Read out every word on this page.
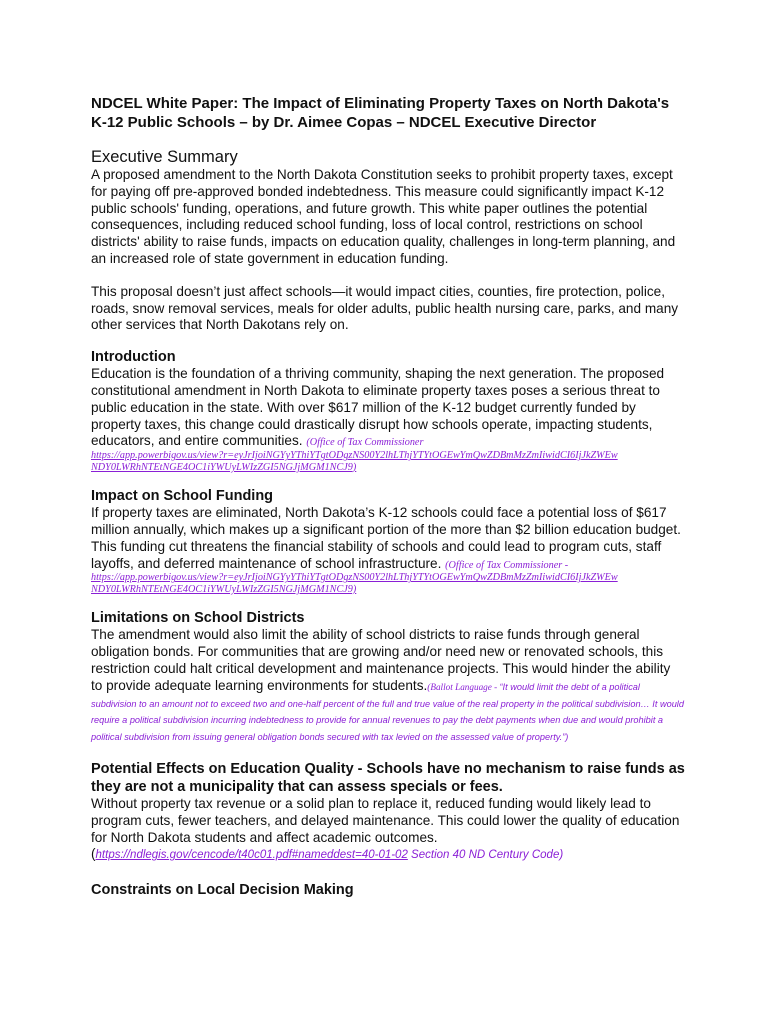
NDCEL White Paper: The Impact of Eliminating Property Taxes on North Dakota's
K-12 Public Schools – by Dr. Aimee Copas – NDCEL Executive Director
Executive Summary

A proposed amendment to the North Dakota Constitution seeks to prohibit property taxes, except for paying off pre-approved bonded indebtedness. This measure could significantly impact K-12 public schools' funding, operations, and future growth. This white paper outlines the potential consequences, including reduced school funding, loss of local control, restrictions on school districts' ability to raise funds, impacts on education quality, challenges in long-term planning, and an increased role of state government in education funding.

This proposal doesn’t just affect schools—it would impact cities, counties, fire protection, police, roads, snow removal services, meals for older adults, public health nursing care, parks, and many other services that North Dakotans rely on.

Introduction

Education is the foundation of a thriving community, shaping the next generation. The proposed constitutional amendment in North Dakota to eliminate property taxes poses a serious threat to public education in the state. With over $617 million of the K-12 budget currently funded by property taxes, this change could drastically disrupt how schools operate, impacting students, educators, and entire communities. (Office of Tax Commissioner

https://app.powerbigov.us/view?r=eyJrIjoiNGYyYThiYTgtODgzNS00Y2lhLThjYTYtOGEwYmQwZDBmMzZmIiwidCI6IjJkZWEw
NDY0LWRhNTEtNGE4OC1iYWUyLWIzZGI5NGJjMGM1NCJ9)
Impact on School Funding

If property taxes are eliminated, North Dakota’s K-12 schools could face a potential loss of $617 million annually, which makes up a significant portion of the more than $2 billion education budget. This funding cut threatens the financial stability of schools and could lead to program cuts, staff layoffs, and deferred maintenance of school infrastructure. (Office of Tax Commissioner -

https://app.powerbigov.us/view?r=eyJrIjoiNGYyYThiYTgtODgzNS00Y2lhLThjYTYtOGEwYmQwZDBmMzZmIiwidCI6IjJkZWEw
NDY0LWRhNTEtNGE4OC1iYWUyLWIzZGI5NGJjMGM1NCJ9)
Limitations on School Districts

The amendment would also limit the ability of school districts to raise funds through general obligation bonds. For communities that are growing and/or need new or renovated schools, this restriction could halt critical development and maintenance projects. This would hinder the ability to provide adequate learning environments for students.(Ballot Language - “It would limit the debt of a political subdivision to an amount not to exceed two and one-half percent of the full and true value of the real property in the political subdivision… It would require a political subdivision incurring indebtedness to provide for annual revenues to pay the debt payments when due and would prohibit a political subdivision from issuing general obligation bonds secured with tax levied on the assessed value of property.”)

Potential Effects on Education Quality - Schools have no mechanism to raise funds as they are not a municipality that can assess specials or fees.

Without property tax revenue or a solid plan to replace it, reduced funding would likely lead to program cuts, fewer teachers, and delayed maintenance. This could lower the quality of education for North Dakota students and affect academic outcomes.

(https://ndlegis.gov/cencode/t40c01.pdf#nameddest=40-01-02 Section 40 ND Century Code)

Constraints on Local Decision Making
